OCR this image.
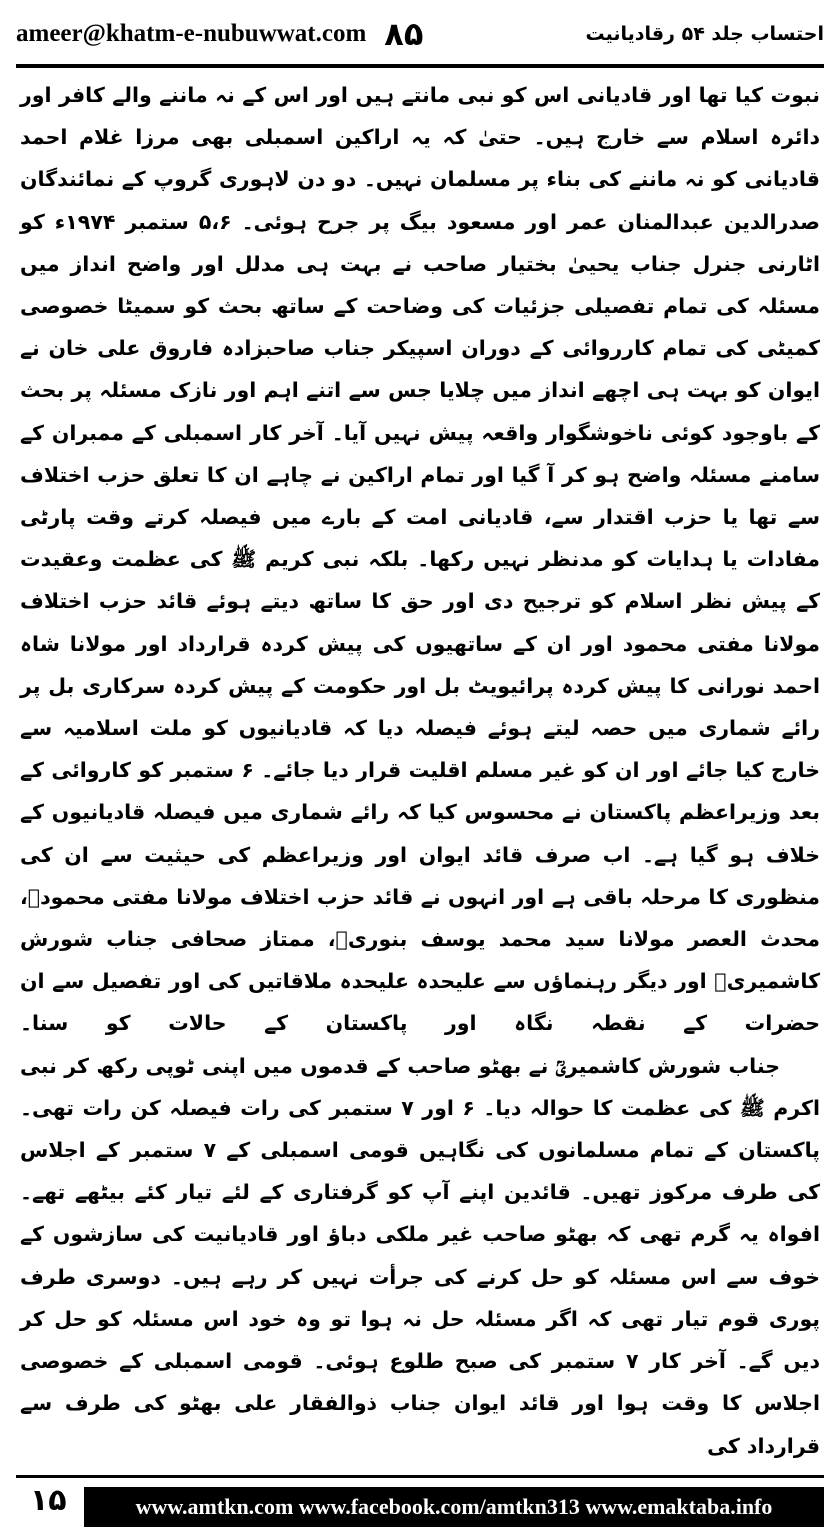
ameer@khatm-e-nubuwwat.com ۸۵	احتساب جلد ۵۴ رقادیانیت

نبوت کیا تھا اور قادیانی اس کو نبی مانتے ہیں اور اس کے نہ ماننے والے کافر اور دائرہ اسلام سے خارج ہیں۔ حتیٰ کہ یہ اراکین اسمبلی بھی مرزا غلام احمد قادیانی کو نہ ماننے کی بناء پر مسلمان نہیں۔ دو دن لاہوری گروپ کے نمائندگان صدرالدین عبدالمنان عمر اور مسعود بیگ پر جرح ہوئی۔ ۵،۶ ستمبر ۱۹۷۴ء کو اٹارنی جنرل جناب یحییٰ بختیار صاحب نے بہت ہی مدلل اور واضح انداز میں مسئلہ کی تمام تفصیلی جزئیات کی وضاحت کے ساتھ بحث کو سمیٹا خصوصی کمیٹی کی تمام کارروائی کے دوران اسپیکر جناب صاحبزادہ فاروق علی خان نے ایوان کو بہت ہی اچھے انداز میں چلایا جس سے اتنے اہم اور نازک مسئلہ پر بحث کے باوجود کوئی ناخوشگوار واقعہ پیش نہیں آیا۔ آخر کار اسمبلی کے ممبران کے سامنے مسئلہ واضح ہو کر آ گیا اور تمام اراکین نے چاہے ان کا تعلق حزب اختلاف سے تھا یا حزب اقتدار سے، قادیانی امت کے بارے میں فیصلہ کرتے وقت پارٹی مفادات یا ہدایات کو مدنظر نہیں رکھا۔ بلکہ نبی کریم ﷺ کی عظمت وعقیدت کے پیش نظر اسلام کو ترجیح دی اور حق کا ساتھ دیتے ہوئے قائد حزب اختلاف مولانا مفتی محمود اور ان کے ساتھیوں کی پیش کردہ قرارداد اور مولانا شاہ احمد نورانی کا پیش کردہ پرائیویٹ بل اور حکومت کے پیش کردہ سرکاری بل پر رائے شماری میں حصہ لیتے ہوئے فیصلہ دیا کہ قادیانیوں کو ملت اسلامیہ سے خارج کیا جائے اور ان کو غیر مسلم اقلیت قرار دیا جائے۔ ۶ ستمبر کو کاروائی کے بعد وزیراعظم پاکستان نے محسوس کیا کہ رائے شماری میں فیصلہ قادیانیوں کے خلاف ہو گیا ہے۔ اب صرف قائد ایوان اور وزیراعظم کی حیثیت سے ان کی منظوری کا مرحلہ باقی ہے اور انہوں نے قائد حزب اختلاف مولانا مفتی محمودؒ، محدث العصر مولانا سید محمد یوسف بنوریؒ، ممتاز صحافی جناب شورش کاشمیریؒ اور دیگر رہنماؤں سے علیحدہ علیحدہ ملاقاتیں کی اور تفصیل سے ان حضرات کے نقطہ نگاہ اور پاکستان کے حالات کو سنا۔

جناب شورش کاشمیریؒ نے بھٹو صاحب کے قدموں میں اپنی ٹوپی رکھ کر نبی اکرم ﷺ کی عظمت کا حوالہ دیا۔ ۶ اور ۷ ستمبر کی رات فیصلہ کن رات تھی۔ پاکستان کے تمام مسلمانوں کی نگاہیں قومی اسمبلی کے ۷ ستمبر کے اجلاس کی طرف مرکوز تھیں۔ قائدین اپنے آپ کو گرفتاری کے لئے تیار کئے بیٹھے تھے۔ افواہ یہ گرم تھی کہ بھٹو صاحب غیر ملکی دباؤ اور قادیانیت کی سازشوں کے خوف سے اس مسئلہ کو حل کرنے کی جرأت نہیں کر رہے ہیں۔ دوسری طرف پوری قوم تیار تھی کہ اگر مسئلہ حل نہ ہوا تو وہ خود اس مسئلہ کو حل کر دیں گے۔ آخر کار ۷ ستمبر کی صبح طلوع ہوئی۔ قومی اسمبلی کے خصوصی اجلاس کا وقت ہوا اور قائد ایوان جناب ذوالفقار علی بھٹو کی طرف سے قرارداد کی

۱۵	www.amtkn.com www.facebook.com/amtkn313 www.emaktaba.info
